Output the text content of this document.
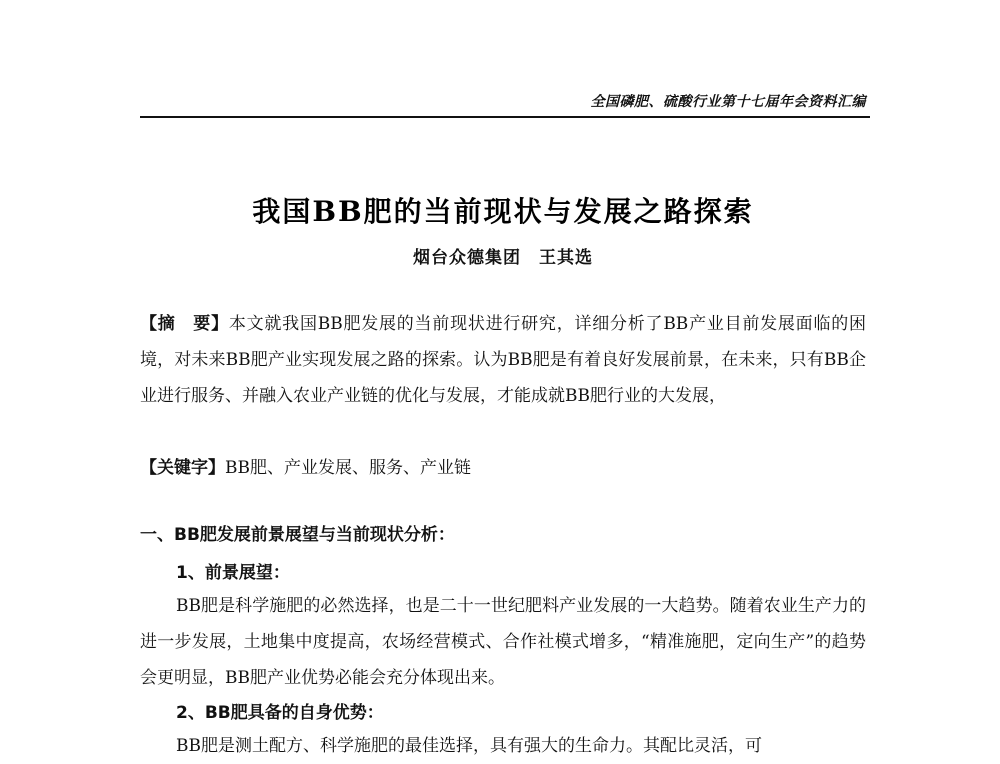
全国磷肥、硫酸行业第十七届年会资料汇编
我国BB肥的当前现状与发展之路探索
烟台众德集团　王其选

【摘　要】本文就我国BB肥发展的当前现状进行研究，详细分析了BB产业目前发展面临的困境，对未来BB肥产业实现发展之路的探索。认为BB肥是有着良好发展前景，在未来，只有BB企业进行服务、并融入农业产业链的优化与发展，才能成就BB肥行业的大发展，

【关键字】BB肥、产业发展、服务、产业链

一、BB肥发展前景展望与当前现状分析：
1、前景展望：

BB肥是科学施肥的必然选择，也是二十一世纪肥料产业发展的一大趋势。随着农业生产力的进一步发展，土地集中度提高，农场经营模式、合作社模式增多，“精准施肥，定向生产”的趋势会更明显，BB肥产业优势必能会充分体现出来。

2、BB肥具备的自身优势：

BB肥是测土配方、科学施肥的最佳选择，具有强大的生命力。其配比灵活，可
